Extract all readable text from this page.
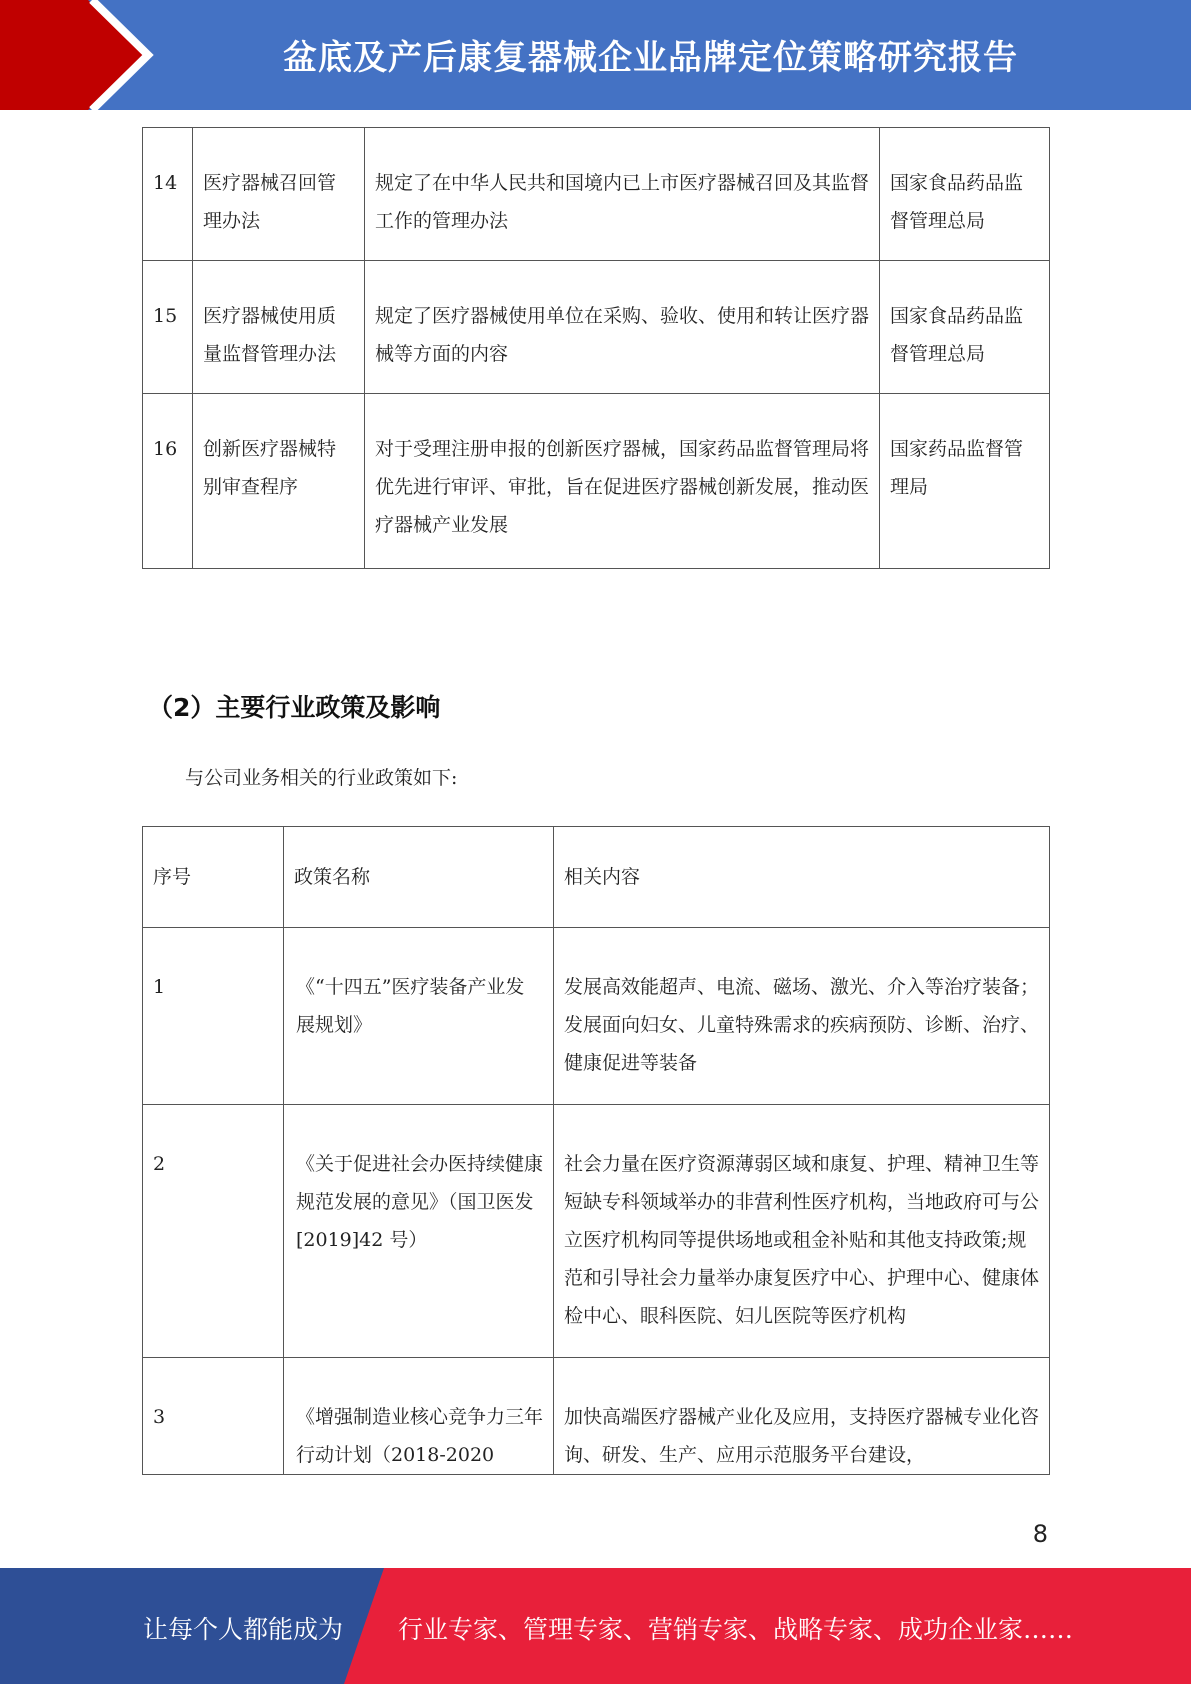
盆底及产后康复器械企业品牌定位策略研究报告
14	医疗器械召回管理办法	规定了在中华人民共和国境内已上市医疗器械召回及其监督工作的管理办法	国家食品药品监督管理总局
15	医疗器械使用质量监督管理办法	规定了医疗器械使用单位在采购、验收、使用和转让医疗器械等方面的内容	国家食品药品监督管理总局
16	创新医疗器械特别审查程序	对于受理注册申报的创新医疗器械，国家药品监督管理局将优先进行审评、审批，旨在促进医疗器械创新发展，推动医疗器械产业发展	国家药品监督管理局
（2）主要行业政策及影响
与公司业务相关的行业政策如下:
序号	政策名称	相关内容
1	《“十四五”医疗装备产业发展规划》	发展高效能超声、电流、磁场、激光、介入等治疗装备；发展面向妇女、儿童特殊需求的疾病预防、诊断、治疗、健康促进等装备
2	《关于促进社会办医持续健康规范发展的意见》（国卫医发[2019]42 号）	社会力量在医疗资源薄弱区域和康复、护理、精神卫生等短缺专科领域举办的非营利性医疗机构，当地政府可与公立医疗机构同等提供场地或租金补贴和其他支持政策;规范和引导社会力量举办康复医疗中心、护理中心、健康体检中心、眼科医院、妇儿医院等医疗机构
3	《增强制造业核心竞争力三年行动计划（2018-2020	加快高端医疗器械产业化及应用，支持医疗器械专业化咨询、研发、生产、应用示范服务平台建设，
8
让每个人都能成为 行业专家、管理专家、营销专家、战略专家、成功企业家……
